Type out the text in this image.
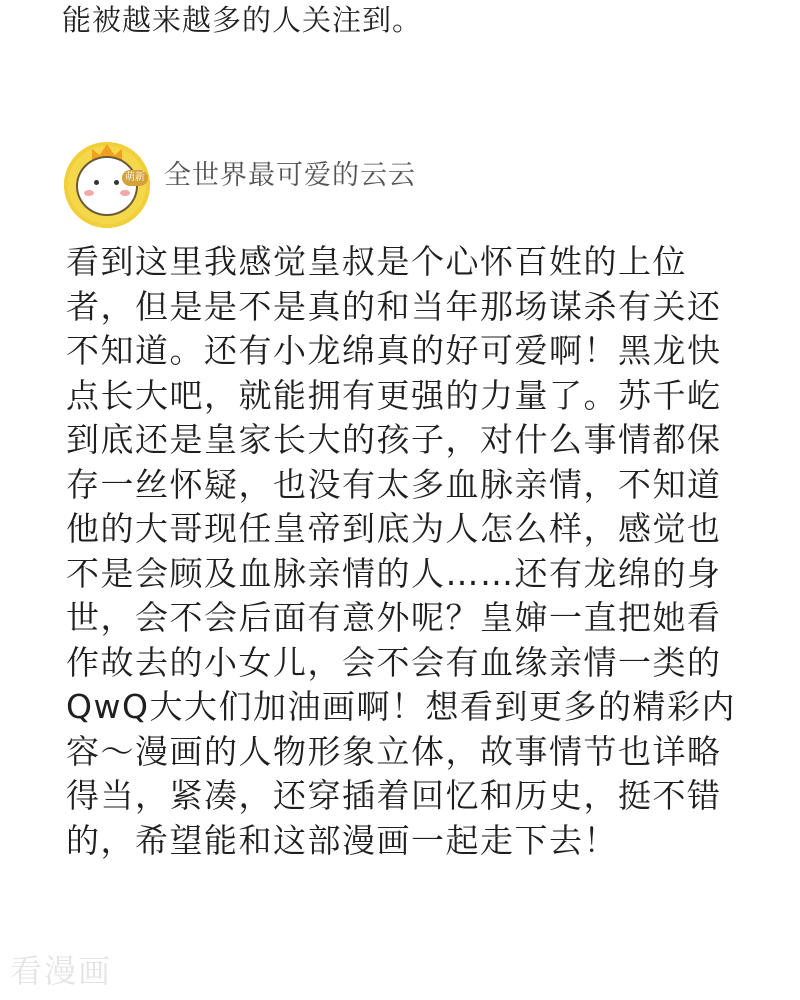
能被越来越多的人关注到。
萌新 全世界最可爱的云云
看到这里我感觉皇叔是个心怀百姓的上位
者，但是是不是真的和当年那场谋杀有关还
不知道。还有小龙绵真的好可爱啊！黑龙快
点长大吧，就能拥有更强的力量了。苏千屹
到底还是皇家长大的孩子，对什么事情都保
存一丝怀疑，也没有太多血脉亲情，不知道
他的大哥现任皇帝到底为人怎么样，感觉也
不是会顾及血脉亲情的人……还有龙绵的身
世，会不会后面有意外呢？皇婶一直把她看
作故去的小女儿，会不会有血缘亲情一类的
QwQ大大们加油画啊！想看到更多的精彩内
容～漫画的人物形象立体，故事情节也详略
得当，紧凑，还穿插着回忆和历史，挺不错
的，希望能和这部漫画一起走下去！
看漫画
